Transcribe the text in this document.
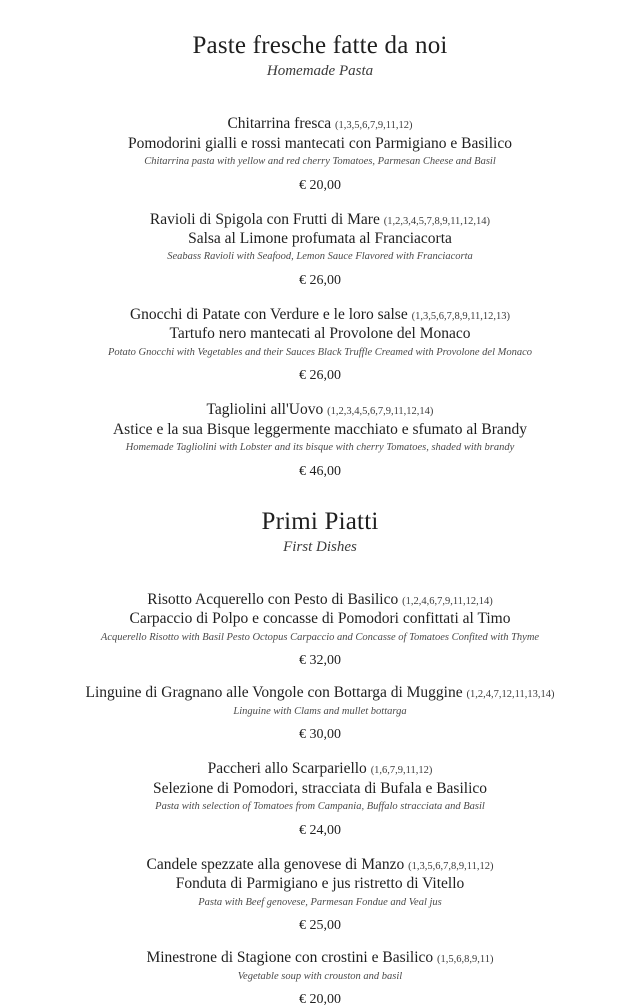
Paste fresche fatte da noi
Homemade Pasta
Chitarrina fresca (1,3,5,6,7,9,11,12)
Pomodorini gialli e rossi mantecati con Parmigiano e Basilico
Chitarrina pasta with yellow and red cherry Tomatoes, Parmesan Cheese and Basil
€ 20,00
Ravioli di Spigola con Frutti di Mare (1,2,3,4,5,7,8,9,11,12,14)
Salsa al Limone profumata al Franciacorta
Seabass Ravioli with Seafood, Lemon Sauce Flavored with Franciacorta
€ 26,00
Gnocchi di Patate con Verdure e le loro salse (1,3,5,6,7,8,9,11,12,13)
Tartufo nero mantecati al Provolone del Monaco
Potato Gnocchi with Vegetables and their Sauces Black Truffle Creamed with Provolone del Monaco
€ 26,00
Tagliolini all'Uovo (1,2,3,4,5,6,7,9,11,12,14)
Astice e la sua Bisque leggermente macchiato e sfumato al Brandy
Homemade Tagliolini with Lobster and its bisque with cherry Tomatoes, shaded with brandy
€ 46,00
Primi Piatti
First Dishes
Risotto Acquerello con Pesto di Basilico (1,2,4,6,7,9,11,12,14)
Carpaccio di Polpo e concasse di Pomodori confittati al Timo
Acquerello Risotto with Basil Pesto Octopus Carpaccio and Concasse of Tomatoes Confited with Thyme
€ 32,00
Linguine di Gragnano alle Vongole con Bottarga di Muggine (1,2,4,7,12,11,13,14)
Linguine with Clams and mullet bottarga
€ 30,00
Paccheri allo Scarpariello (1,6,7,9,11,12)
Selezione di Pomodori, stracciata di Bufala e Basilico
Pasta with selection of Tomatoes from Campania, Buffalo stracciata and Basil
€ 24,00
Candele spezzate alla genovese di Manzo (1,3,5,6,7,8,9,11,12)
Fonduta di Parmigiano e jus ristretto di Vitello
Pasta with Beef genovese, Parmesan Fondue and Veal jus
€ 25,00
Minestrone di Stagione con crostini e Basilico (1,5,6,8,9,11)
Vegetable soup with crouston and basil
€ 20,00
